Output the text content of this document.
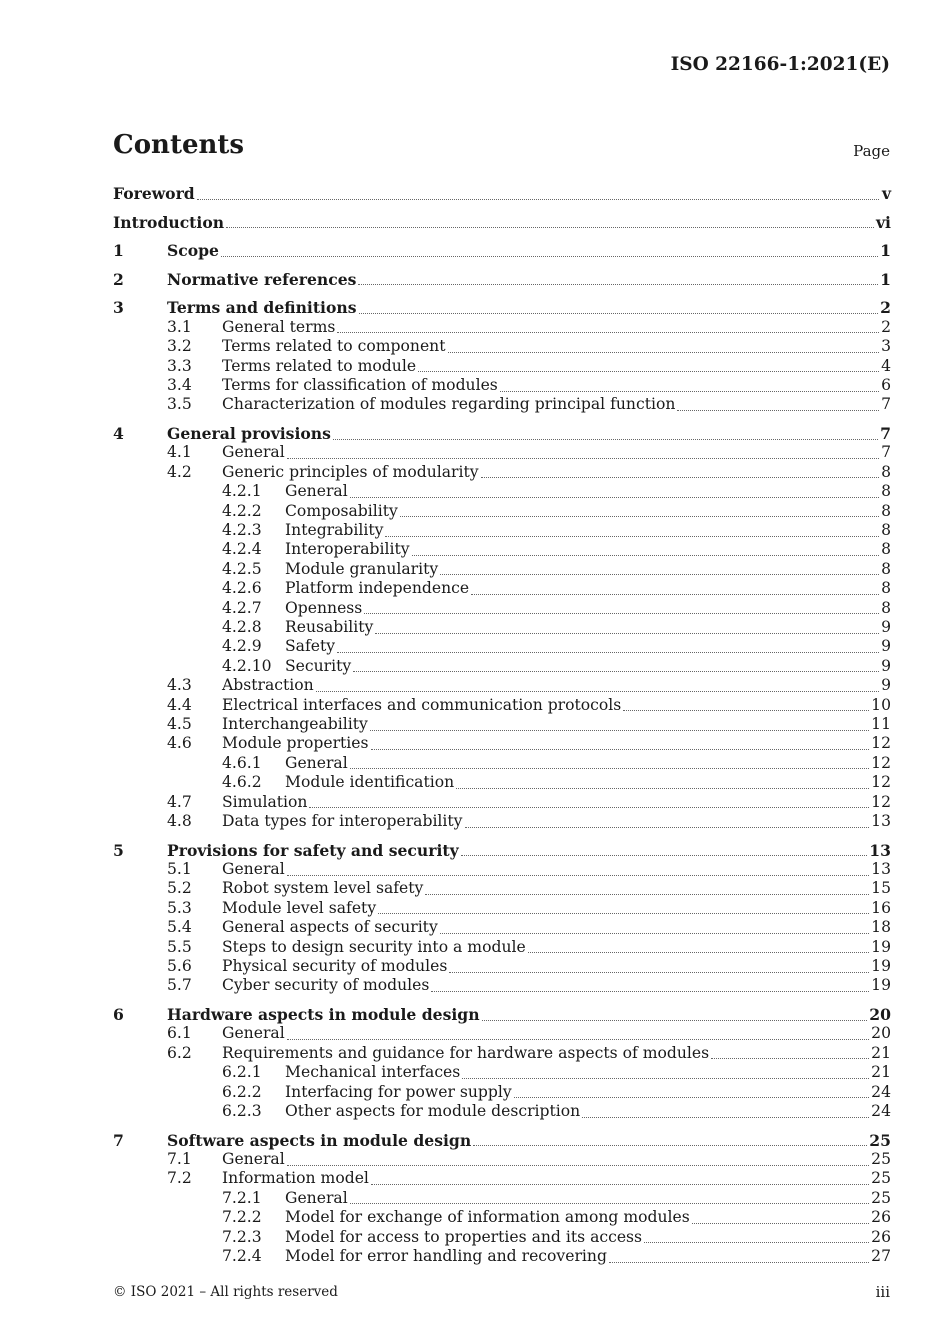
ISO 22166-1:2021(E)
Contents	Page
Foreword	v
Introduction	vi
1	Scope	1
2	Normative references	1
3	Terms and definitions	2
3.1	General terms	2
3.2	Terms related to component	3
3.3	Terms related to module	4
3.4	Terms for classification of modules	6
3.5	Characterization of modules regarding principal function	7
4	General provisions	7
4.1	General	7
4.2	Generic principles of modularity	8
4.2.1	General	8
4.2.2	Composability	8
4.2.3	Integrability	8
4.2.4	Interoperability	8
4.2.5	Module granularity	8
4.2.6	Platform independence	8
4.2.7	Openness	8
4.2.8	Reusability	9
4.2.9	Safety	9
4.2.10 Security	9
4.3	Abstraction	9
4.4	Electrical interfaces and communication protocols	10
4.5	Interchangeability	11
4.6	Module properties	12
4.6.1	General	12
4.6.2	Module identification	12
4.7	Simulation	12
4.8	Data types for interoperability	13
5	Provisions for safety and security	13
5.1	General	13
5.2	Robot system level safety	15
5.3	Module level safety	16
5.4	General aspects of security	18
5.5	Steps to design security into a module	19
5.6	Physical security of modules	19
5.7	Cyber security of modules	19
6	Hardware aspects in module design	20
6.1	General	20
6.2	Requirements and guidance for hardware aspects of modules	21
6.2.1	Mechanical interfaces	21
6.2.2	Interfacing for power supply	24
6.2.3	Other aspects for module description	24
7	Software aspects in module design	25
7.1	General	25
7.2	Information model	25
7.2.1	General	25
7.2.2	Model for exchange of information among modules	26
7.2.3	Model for access to properties and its access	26
7.2.4	Model for error handling and recovering	27
© ISO 2021 – All rights reserved	iii
